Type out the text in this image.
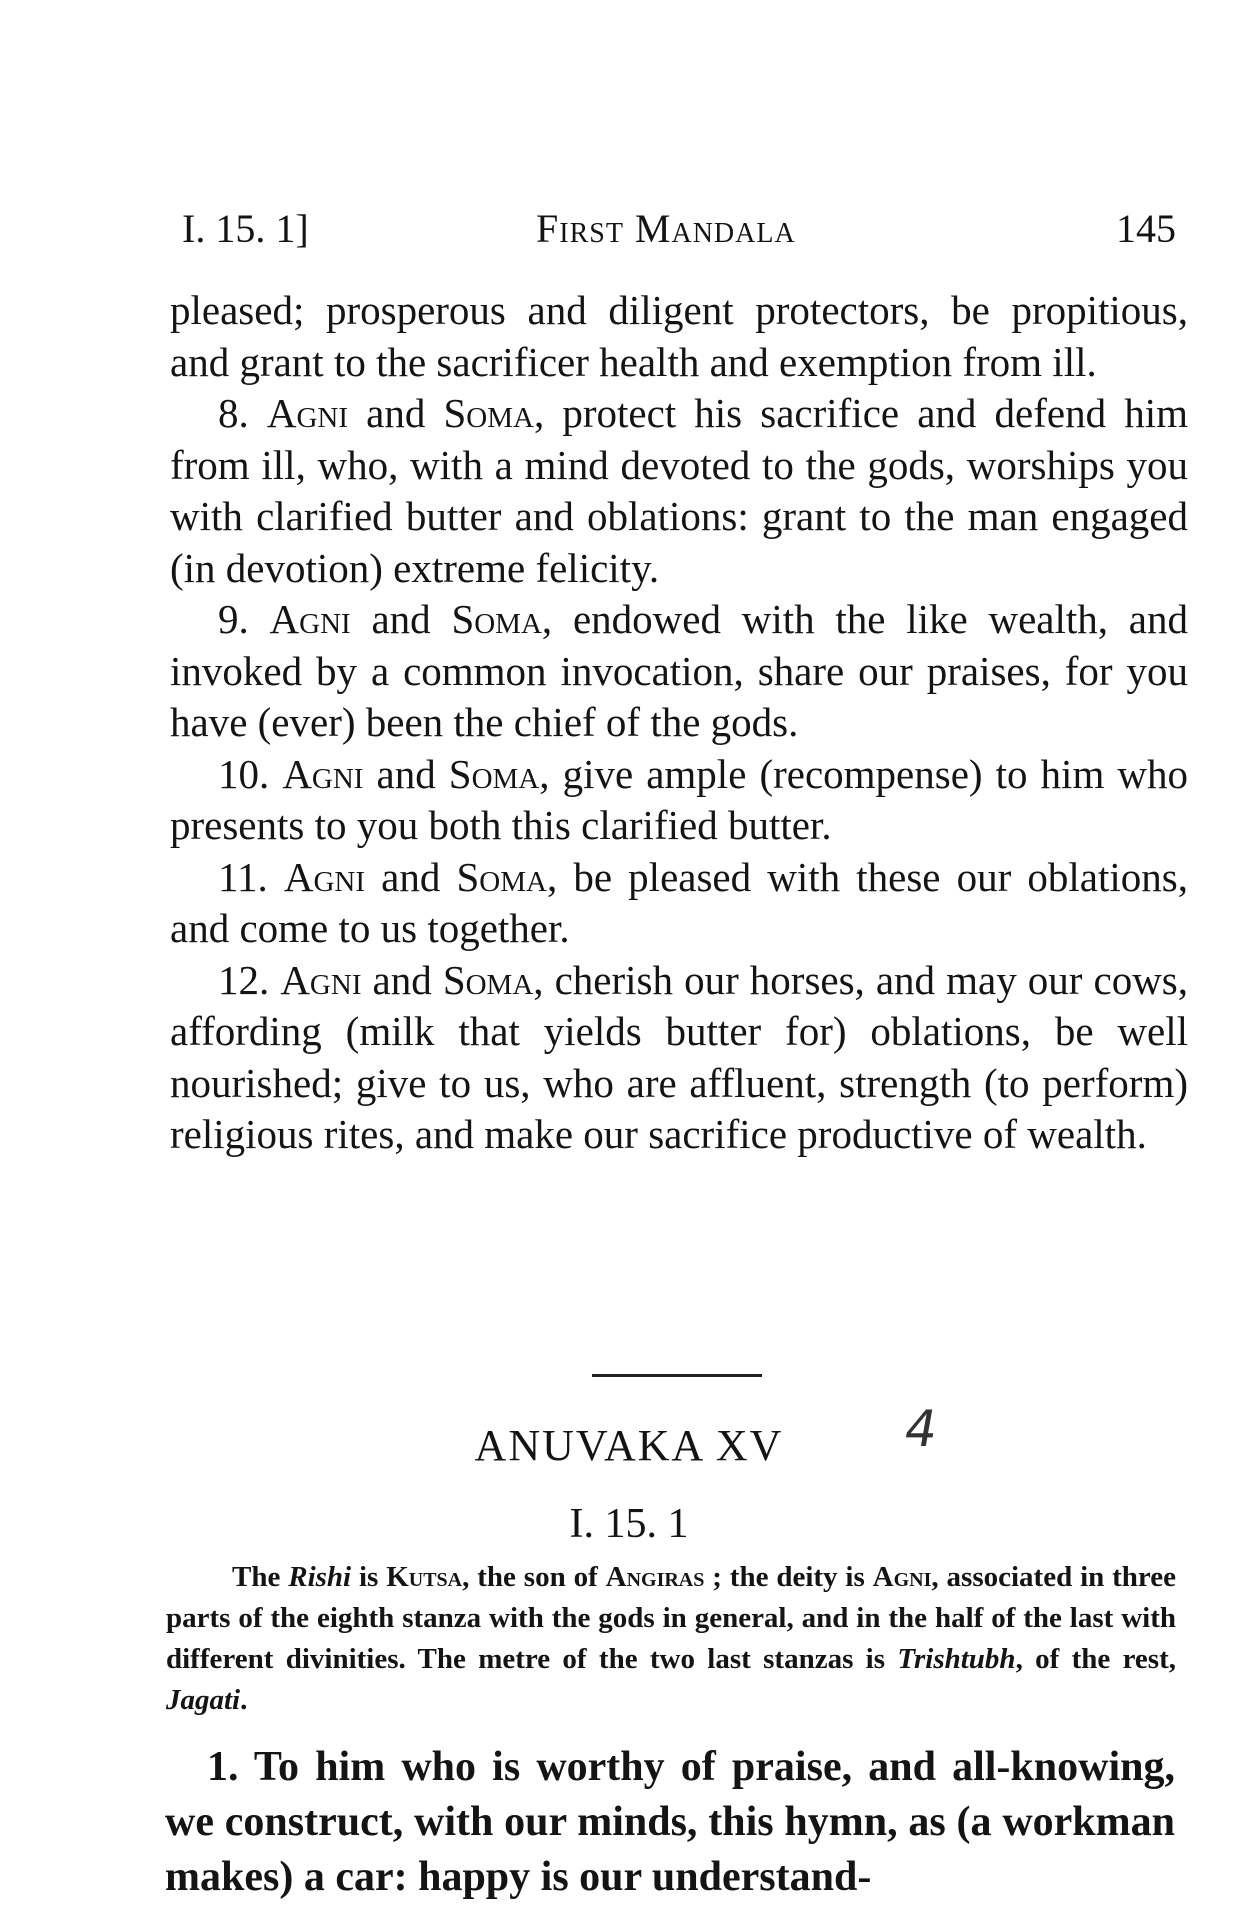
I. 15. 1]	First Mandala	145

pleased; prosperous and diligent protectors, be propitious, and grant to the sacrificer health and exemption from ill.

8. Agni and Soma, protect his sacrifice and defend him from ill, who, with a mind devoted to the gods, worships you with clarified butter and oblations: grant to the man engaged (in devotion) extreme felicity.

9. Agni and Soma, endowed with the like wealth, and invoked by a common invocation, share our praises, for you have (ever) been the chief of the gods.

10. Agni and Soma, give ample (recompense) to him who presents to you both this clarified butter.

11. Agni and Soma, be pleased with these our oblations, and come to us together.

12. Agni and Soma, cherish our horses, and may our cows, affording (milk that yields butter for) oblations, be well nourished; give to us, who are affluent, strength (to perform) religious rites, and make our sacrifice productive of wealth.

ANUVAKA XV	4
I. 15. 1
The Rishi is Kutsa, the son of Angiras ; the deity is Agni, associated in three parts of the eighth stanza with the gods in general, and in the half of the last with different divinities. The metre of the two last stanzas is Trishtubh, of the rest, Jagati.
1. To him who is worthy of praise, and all-knowing, we construct, with our minds, this hymn, as (a workman makes) a car: happy is our understand-
